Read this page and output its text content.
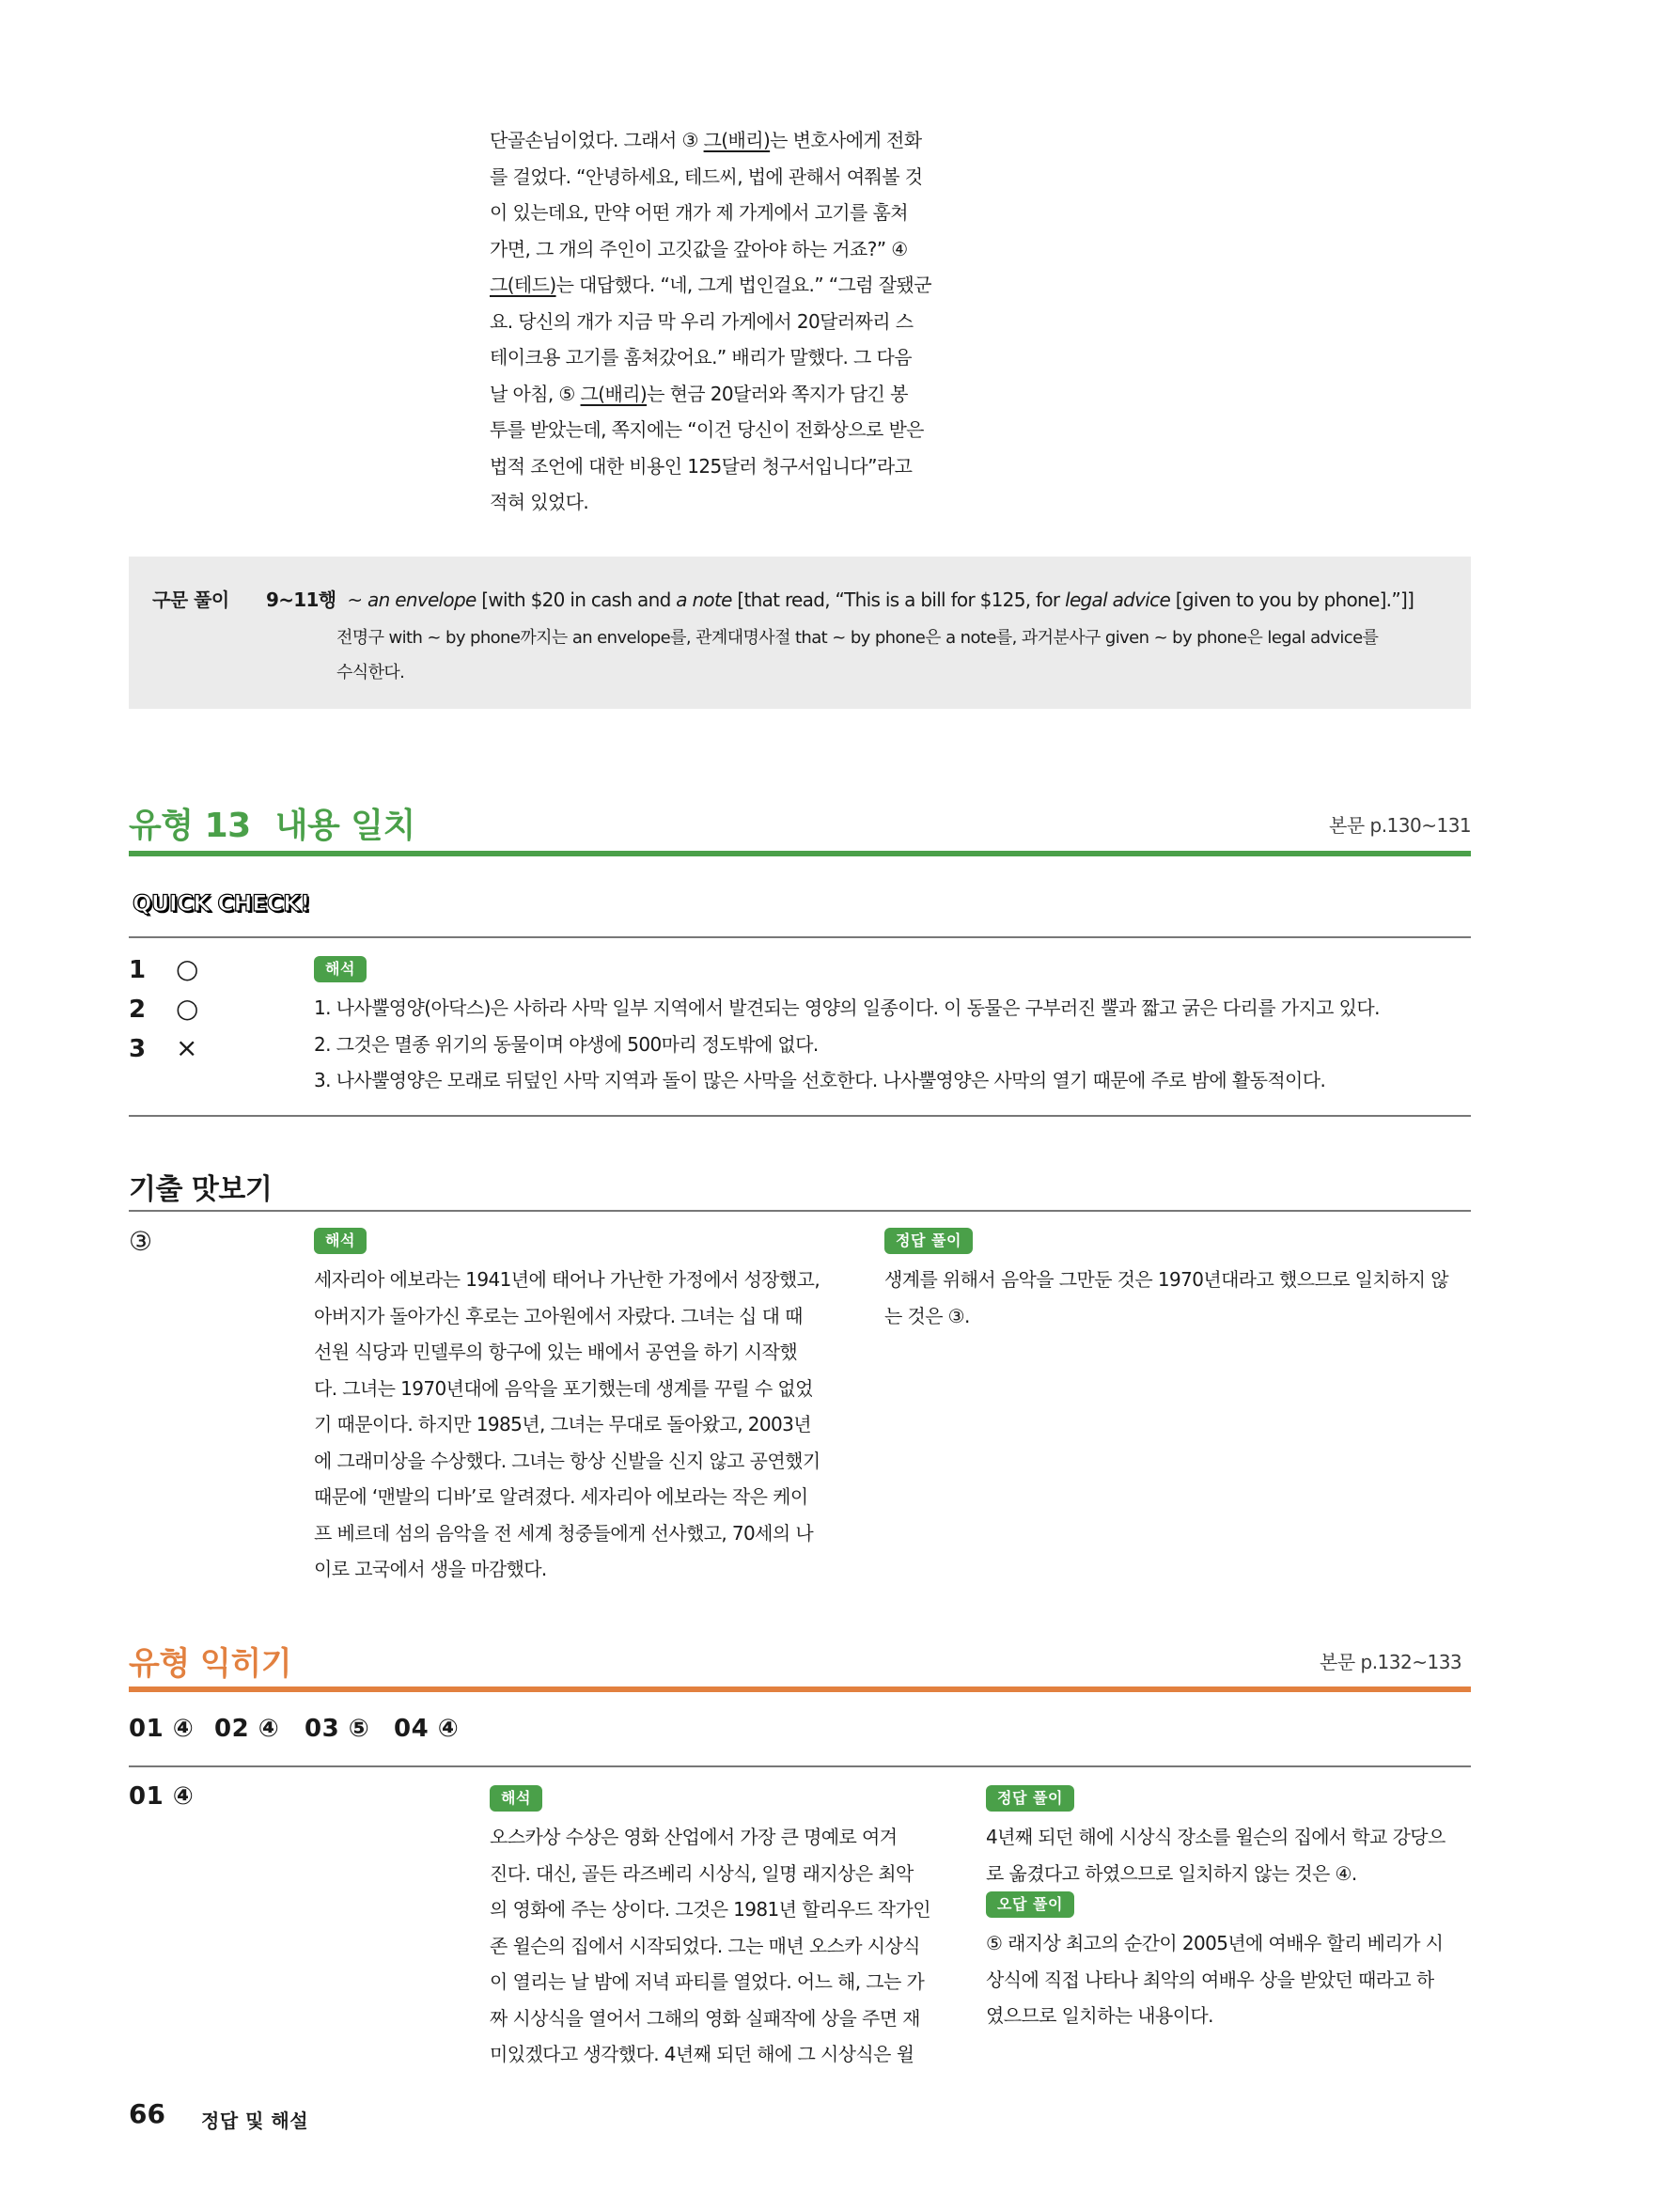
단골손님이었다. 그래서 ③ 그(배리)는 변호사에게 전화
를 걸었다. “안녕하세요, 테드씨, 법에 관해서 여쭤볼 것
이 있는데요, 만약 어떤 개가 제 가게에서 고기를 훔쳐
가면, 그 개의 주인이 고깃값을 갚아야 하는 거죠?” ④
그(테드)는 대답했다. “네, 그게 법인걸요.” “그럼 잘됐군
요. 당신의 개가 지금 막 우리 가게에서 20달러짜리 스
테이크용 고기를 훔쳐갔어요.” 배리가 말했다. 그 다음
날 아침, ⑤ 그(배리)는 현금 20달러와 쪽지가 담긴 봉
투를 받았는데, 쪽지에는 “이건 당신이 전화상으로 받은
법적 조언에 대한 비용인 125달러 청구서입니다”라고
적혀 있었다.
구문 풀이 9~11행 ~ an envelope [with $20 in cash and a note [that read, “This is a bill for $125, for legal advice [given to you by phone].”]]
전명구 with ~ by phone까지는 an envelope를, 관계대명사절 that ~ by phone은 a note를, 과거분사구 given ~ by phone은 legal advice를
수식한다.
유형 13 내용 일치	본문 p.130~131
QUICK CHECK!
1 ○
2 ○
3 ×
해석
1. 나사뿔영양(아닥스)은 사하라 사막 일부 지역에서 발견되는 영양의 일종이다. 이 동물은 구부러진 뿔과 짧고 굵은 다리를 가지고 있다.
2. 그것은 멸종 위기의 동물이며 야생에 500마리 정도밖에 없다.
3. 나사뿔영양은 모래로 뒤덮인 사막 지역과 돌이 많은 사막을 선호한다. 나사뿔영양은 사막의 열기 때문에 주로 밤에 활동적이다.
기출 맛보기
③	해석
세자리아 에보라는 1941년에 태어나 가난한 가정에서 성장했고,
아버지가 돌아가신 후로는 고아원에서 자랐다. 그녀는 십 대 때
선원 식당과 민델루의 항구에 있는 배에서 공연을 하기 시작했
다. 그녀는 1970년대에 음악을 포기했는데 생계를 꾸릴 수 없었
기 때문이다. 하지만 1985년, 그녀는 무대로 돌아왔고, 2003년
에 그래미상을 수상했다. 그녀는 항상 신발을 신지 않고 공연했기
때문에 ‘맨발의 디바’로 알려졌다. 세자리아 에보라는 작은 케이
프 베르데 섬의 음악을 전 세계 청중들에게 선사했고, 70세의 나
이로 고국에서 생을 마감했다.
정답 풀이
생계를 위해서 음악을 그만둔 것은 1970년대라고 했으므로 일치하지 않
는 것은 ③.
유형 익히기	본문 p.132~133
01 ④ 02 ④ 03 ⑤ 04 ④
01 ④	해석
오스카상 수상은 영화 산업에서 가장 큰 명예로 여겨
진다. 대신, 골든 라즈베리 시상식, 일명 래지상은 최악
의 영화에 주는 상이다. 그것은 1981년 할리우드 작가인
존 윌슨의 집에서 시작되었다. 그는 매년 오스카 시상식
이 열리는 날 밤에 저녁 파티를 열었다. 어느 해, 그는 가
짜 시상식을 열어서 그해의 영화 실패작에 상을 주면 재
미있겠다고 생각했다. 4년째 되던 해에 그 시상식은 윌
정답 풀이
4년째 되던 해에 시상식 장소를 윌슨의 집에서 학교 강당으
로 옮겼다고 하였으므로 일치하지 않는 것은 ④.
오답 풀이
⑤ 래지상 최고의 순간이 2005년에 여배우 할리 베리가 시
상식에 직접 나타나 최악의 여배우 상을 받았던 때라고 하
였으므로 일치하는 내용이다.
66 정답 및 해설
